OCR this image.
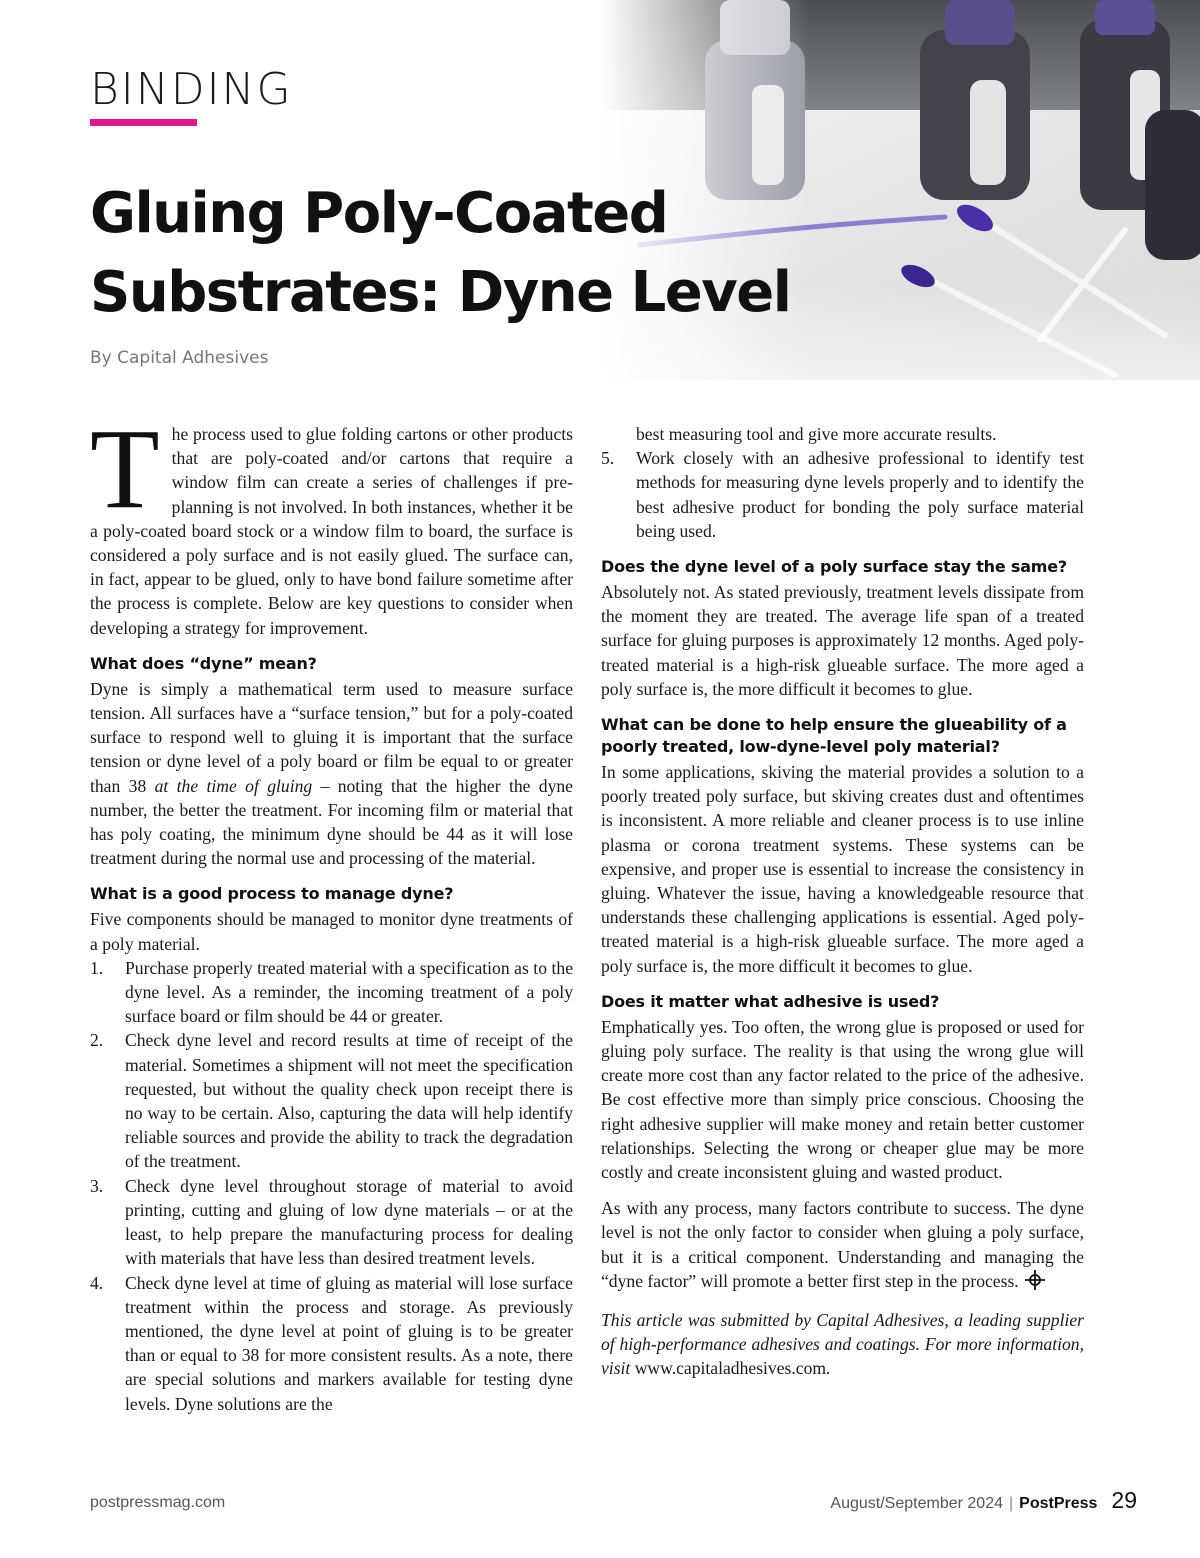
BINDING
Gluing Poly-Coated
Substrates: Dyne Level
By Capital Adhesives

The process used to glue folding cartons or other products that are poly-coated and/or cartons that require a window film can create a series of challenges if pre-planning is not involved. In both instances, whether it be a poly-coated board stock or a window film to board, the surface is considered a poly surface and is not easily glued. The surface can, in fact, appear to be glued, only to have bond failure sometime after the process is complete. Below are key questions to consider when developing a strategy for improvement.

What does “dyne” mean?

Dyne is simply a mathematical term used to measure surface tension. All surfaces have a “surface tension,” but for a poly-coated surface to respond well to gluing it is important that the surface tension or dyne level of a poly board or film be equal to or greater than 38 at the time of gluing – noting that the higher the dyne number, the better the treatment. For incoming film or material that has poly coating, the minimum dyne should be 44 as it will lose treatment during the normal use and processing of the material.

What is a good process to manage dyne?

Five components should be managed to monitor dyne treatments of a poly material.

1. Purchase properly treated material with a specification as to the dyne level. As a reminder, the incoming treatment of a poly surface board or film should be 44 or greater.
2. Check dyne level and record results at time of receipt of the material. Sometimes a shipment will not meet the specification requested, but without the quality check upon receipt there is no way to be certain. Also, capturing the data will help identify reliable sources and provide the ability to track the degradation of the treatment.
3. Check dyne level throughout storage of material to avoid printing, cutting and gluing of low dyne materials – or at the least, to help prepare the manufacturing process for dealing with materials that have less than desired treatment levels.
4. Check dyne level at time of gluing as material will lose surface treatment within the process and storage. As previously mentioned, the dyne level at point of gluing is to be greater than or equal to 38 for more consistent results. As a note, there are special solutions and markers available for testing dyne levels. Dyne solutions are the

best measuring tool and give more accurate results.

5. Work closely with an adhesive professional to identify test methods for measuring dyne levels properly and to identify the best adhesive product for bonding the poly surface material being used.
Does the dyne level of a poly surface stay the same?

Absolutely not. As stated previously, treatment levels dissipate from the moment they are treated. The average life span of a treated surface for gluing purposes is approximately 12 months. Aged poly-treated material is a high-risk glueable surface. The more aged a poly surface is, the more difficult it becomes to glue.

What can be done to help ensure the glueability of a poorly treated, low-dyne-level poly material?

In some applications, skiving the material provides a solution to a poorly treated poly surface, but skiving creates dust and oftentimes is inconsistent. A more reliable and cleaner process is to use inline plasma or corona treatment systems. These systems can be expensive, and proper use is essential to increase the consistency in gluing. Whatever the issue, having a knowledgeable resource that understands these challenging applications is essential. Aged poly-treated material is a high-risk glueable surface. The more aged a poly surface is, the more difficult it becomes to glue.

Does it matter what adhesive is used?

Emphatically yes. Too often, the wrong glue is proposed or used for gluing poly surface. The reality is that using the wrong glue will create more cost than any factor related to the price of the adhesive. Be cost effective more than simply price conscious. Choosing the right adhesive supplier will make money and retain better customer relationships. Selecting the wrong or cheaper glue may be more costly and create inconsistent gluing and wasted product.

As with any process, many factors contribute to success. The dyne level is not the only factor to consider when gluing a poly surface, but it is a critical component. Understanding and managing the “dyne factor” will promote a better first step in the process.

This article was submitted by Capital Adhesives, a leading supplier of high-performance adhesives and coatings. For more information, visit www.capitaladhesives.com.

postpressmag.com	August/September 2024 | PostPress 29
